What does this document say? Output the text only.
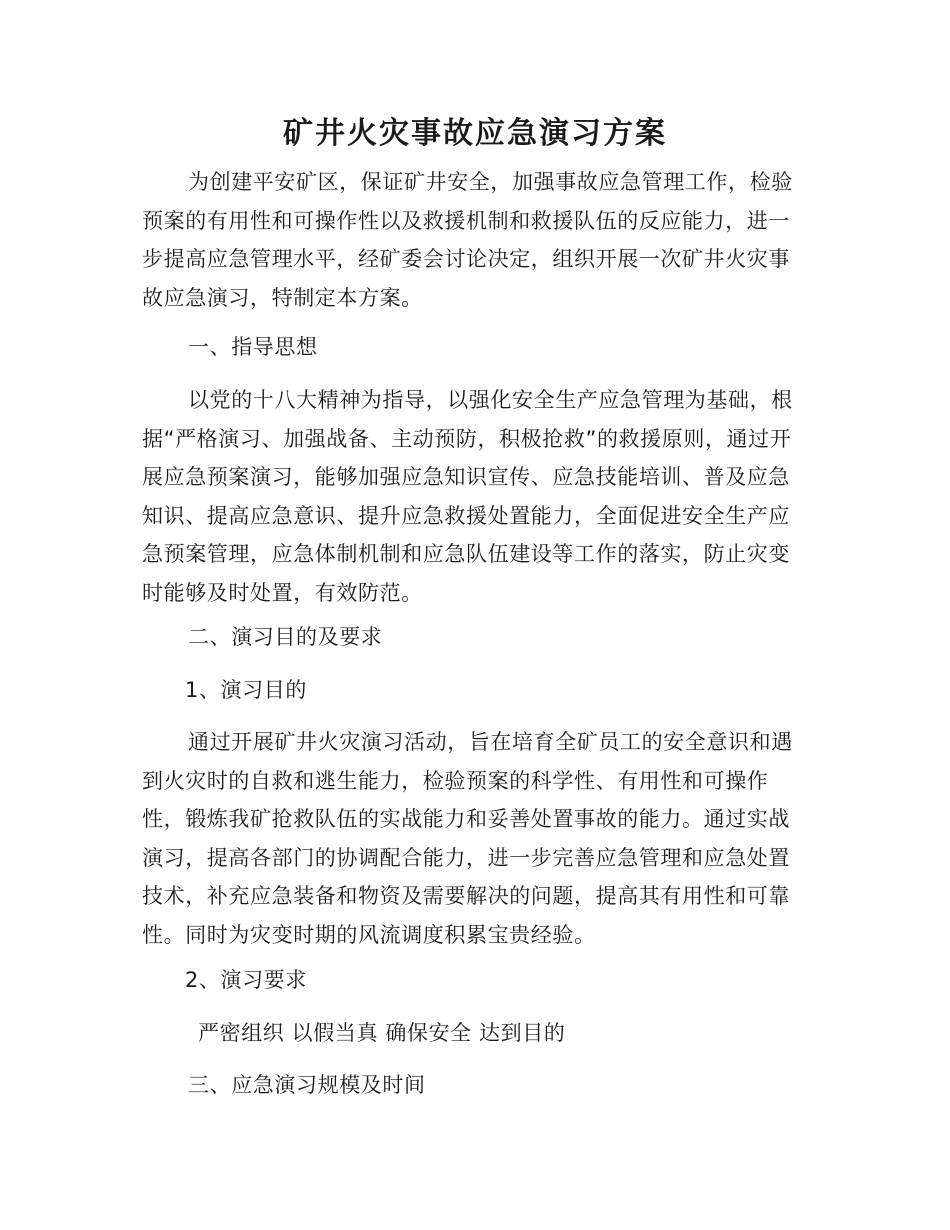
矿井火灾事故应急演习方案

为创建平安矿区，保证矿井安全，加强事故应急管理工作，检验预案的有用性和可操作性以及救援机制和救援队伍的反应能力，进一步提高应急管理水平，经矿委会讨论决定，组织开展一次矿井火灾事故应急演习，特制定本方案。

一、指导思想

以党的十八大精神为指导，以强化安全生产应急管理为基础，根据“严格演习、加强战备、主动预防，积极抢救”的救援原则，通过开展应急预案演习，能够加强应急知识宣传、应急技能培训、普及应急知识、提高应急意识、提升应急救援处置能力，全面促进安全生产应急预案管理，应急体制机制和应急队伍建设等工作的落实，防止灾变时能够及时处置，有效防范。

二、演习目的及要求

1、演习目的

通过开展矿井火灾演习活动，旨在培育全矿员工的安全意识和遇到火灾时的自救和逃生能力，检验预案的科学性、有用性和可操作性，锻炼我矿抢救队伍的实战能力和妥善处置事故的能力。通过实战演习，提高各部门的协调配合能力，进一步完善应急管理和应急处置技术，补充应急装备和物资及需要解决的问题，提高其有用性和可靠性。同时为灾变时期的风流调度积累宝贵经验。

2、演习要求

严密组织 以假当真 确保安全 达到目的

三、应急演习规模及时间
